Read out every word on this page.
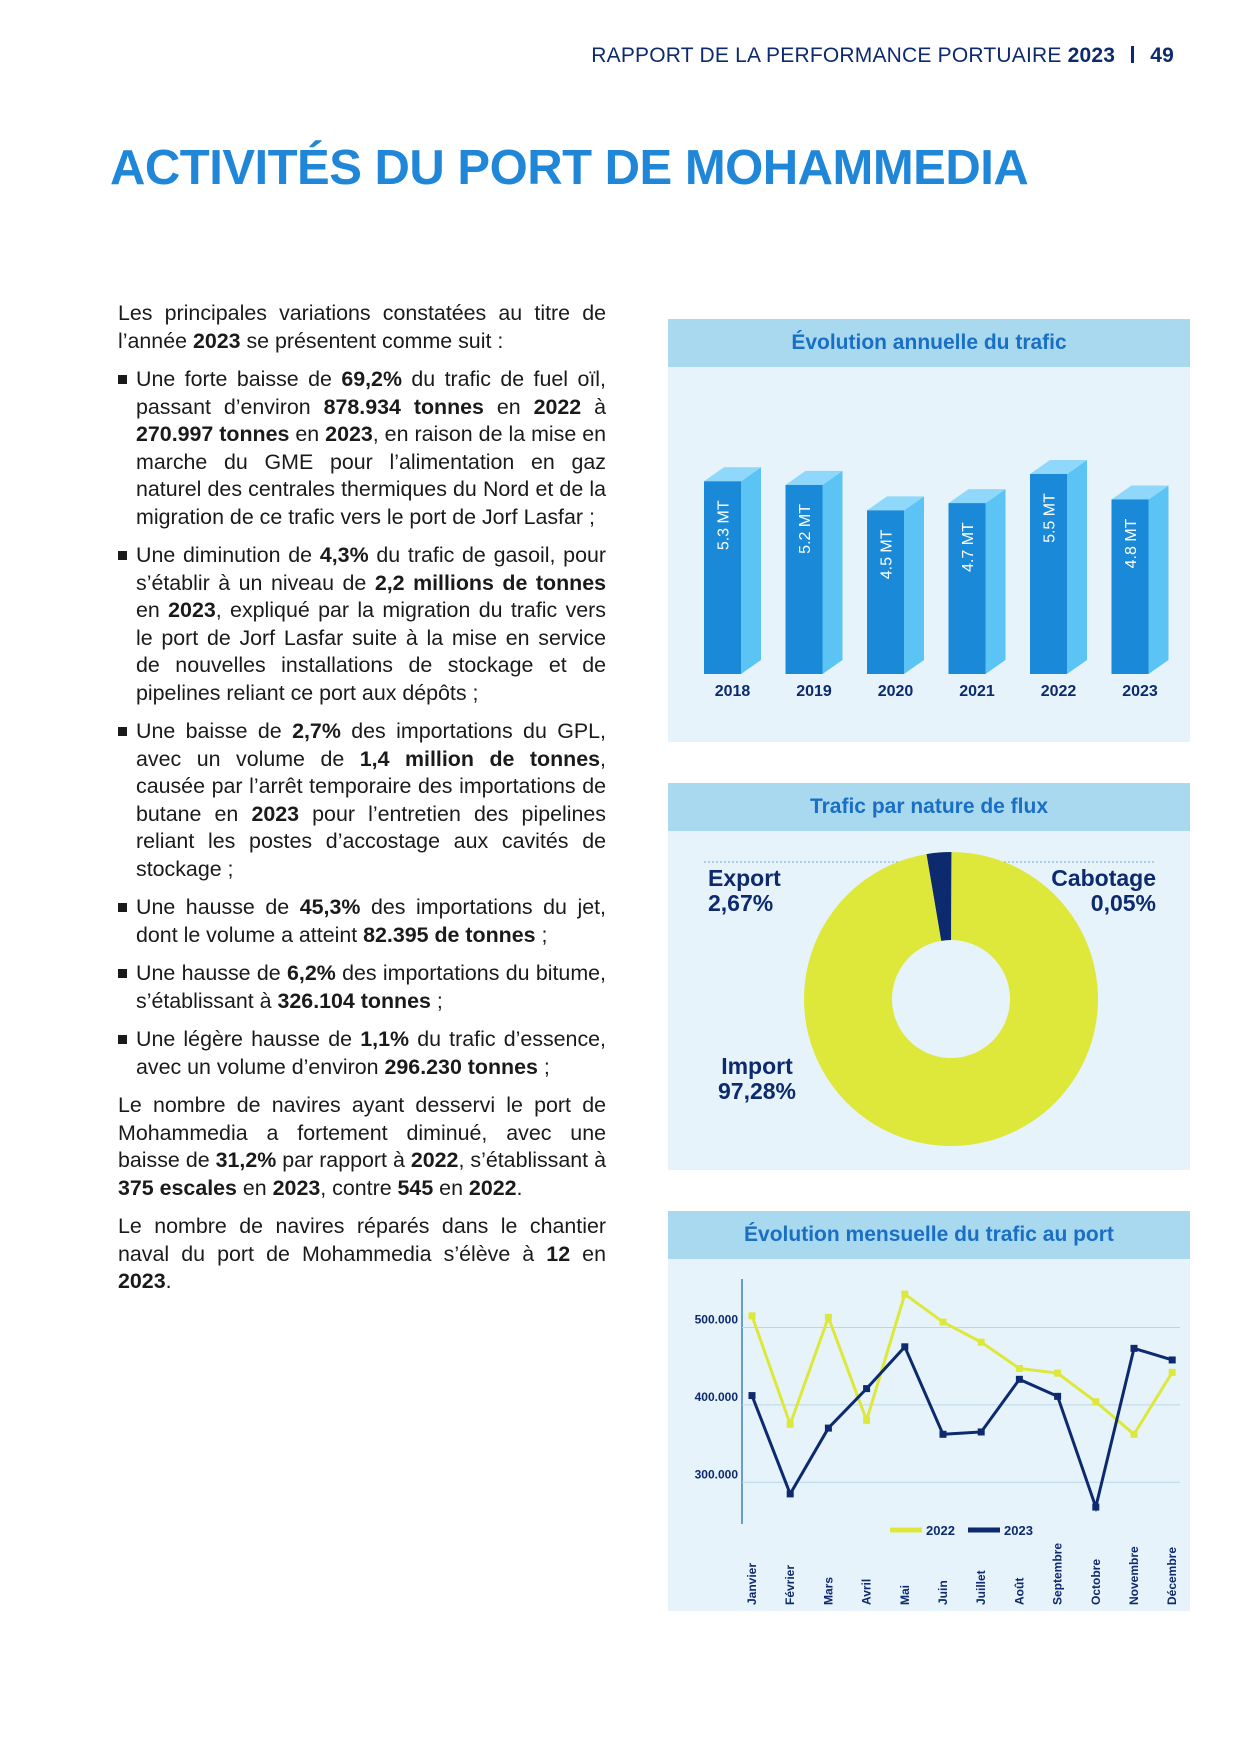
RAPPORT DE LA PERFORMANCE PORTUAIRE 2023 49
ACTIVITÉS DU PORT DE MOHAMMEDIA

Les principales variations constatées au titre de l’année 2023 se présentent comme suit :

Une forte baisse de 69,2% du trafic de fuel oïl, passant d’environ 878.934 tonnes en 2022 à 270.997 tonnes en 2023, en raison de la mise en marche du GME pour l’alimentation en gaz naturel des centrales thermiques du Nord et de la migration de ce trafic vers le port de Jorf Lasfar ;
Une diminution de 4,3% du trafic de gasoil, pour s’établir à un niveau de 2,2 millions de tonnes en 2023, expliqué par la migration du trafic vers le port de Jorf Lasfar suite à la mise en service de nouvelles installations de stockage et de pipelines reliant ce port aux dépôts ;
Une baisse de 2,7% des importations du GPL, avec un volume de 1,4 million de tonnes, causée par l’arrêt temporaire des importations de butane en 2023 pour l’entretien des pipelines reliant les postes d’accostage aux cavités de stockage ;
Une hausse de 45,3% des importations du jet, dont le volume a atteint 82.395 de tonnes ;
Une hausse de 6,2% des importations du bitume, s’établissant à 326.104 tonnes ;
Une légère hausse de 1,1% du trafic d’essence, avec un volume d’environ 296.230 tonnes ;

Le nombre de navires ayant desservi le port de Mohammedia a fortement diminué, avec une baisse de 31,2% par rapport à 2022, s’établissant à 375 escales en 2023, contre 545 en 2022.

Le nombre de navires réparés dans le chantier naval du port de Mohammedia s’élève à 12 en 2023.

Évolution annuelle du trafic
5.3 MT
2018
5.2 MT
2019
4.5 MT
2020
4.7 MT
2021
5.5 MT
2022
4.8 MT
2023
Trafic par nature de flux
Export
2,67%
Cabotage
0,05%
Import
97,28%
Évolution mensuelle du trafic au port
300.000
400.000
500.000
2022	2023
Janvier Février Mars Avril Mai Juin Juillet Août Septembre Octobre Novembre Décembre
